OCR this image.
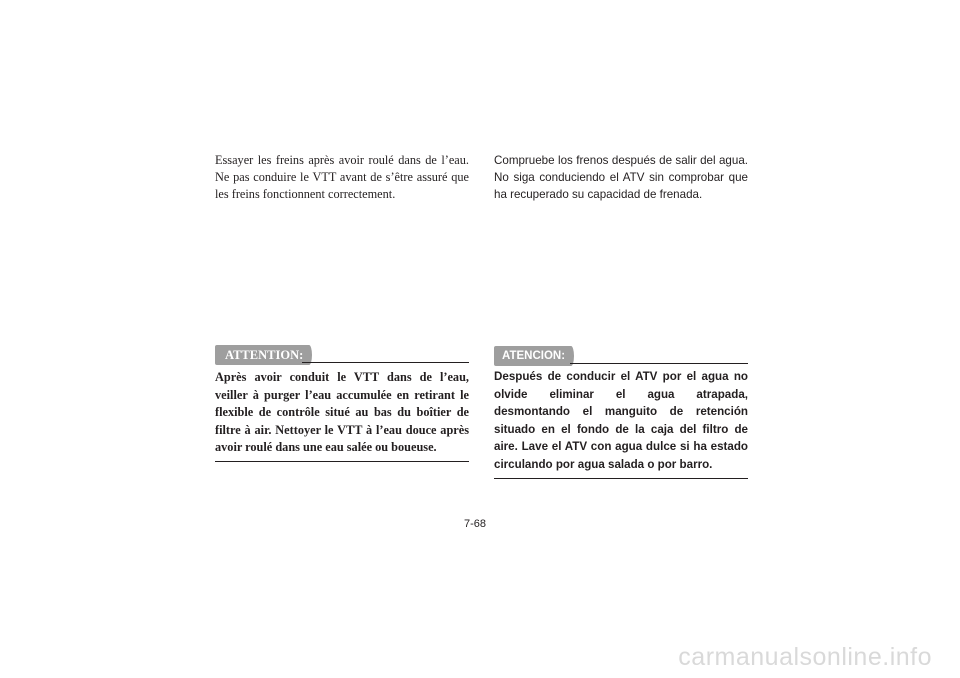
Essayer les freins après avoir roulé dans de l’eau. Ne pas conduire le VTT avant de s’être assuré que les freins fonctionnent correctement.

ATTENTION:

Après avoir conduit le VTT dans de l’eau, veiller à purger l’eau accumulée en retirant le flexible de contrôle situé au bas du boîtier de filtre à air. Nettoyer le VTT à l’eau douce après avoir roulé dans une eau salée ou boueuse.

Compruebe los frenos después de salir del agua. No siga conduciendo el ATV sin comprobar que ha recuperado su capacidad de frenada.

ATENCION:

Después de conducir el ATV por el agua no olvide eliminar el agua atrapada, desmontando el manguito de retención situado en el fondo de la caja del filtro de aire. Lave el ATV con agua dulce si ha estado circulando por agua salada o por barro.

7-68
carmanualsonline.info
